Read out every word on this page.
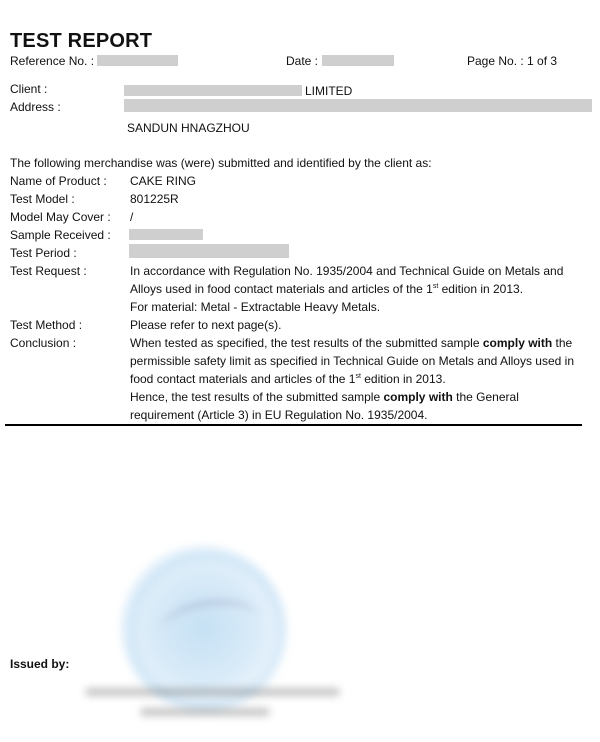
TEST REPORT
Reference No. :	Date :	Page No. : 1 of 3
Client :	LIMITED
Address :
SANDUN HNAGZHOU
The following merchandise was (were) submitted and identified by the client as:
Name of Product : CAKE RING
Test Model :	801225R
Model May Cover : /
Sample Received :
Test Period :
Test Request :	In accordance with Regulation No. 1935/2004 and Technical Guide on Metals and Alloys used in food contact materials and articles of the 1st edition in 2013.

For material: Metal - Extractable Heavy Metals.

Test Method :	Please refer to next page(s).
Conclusion :	When tested as specified, the test results of the submitted sample comply with the permissible safety limit as specified in Technical Guide on Metals and Alloys used in food contact materials and articles of the 1st edition in 2013.

Hence, the test results of the submitted sample comply with the General requirement (Article 3) in EU Regulation No. 1935/2004.

Issued by:
